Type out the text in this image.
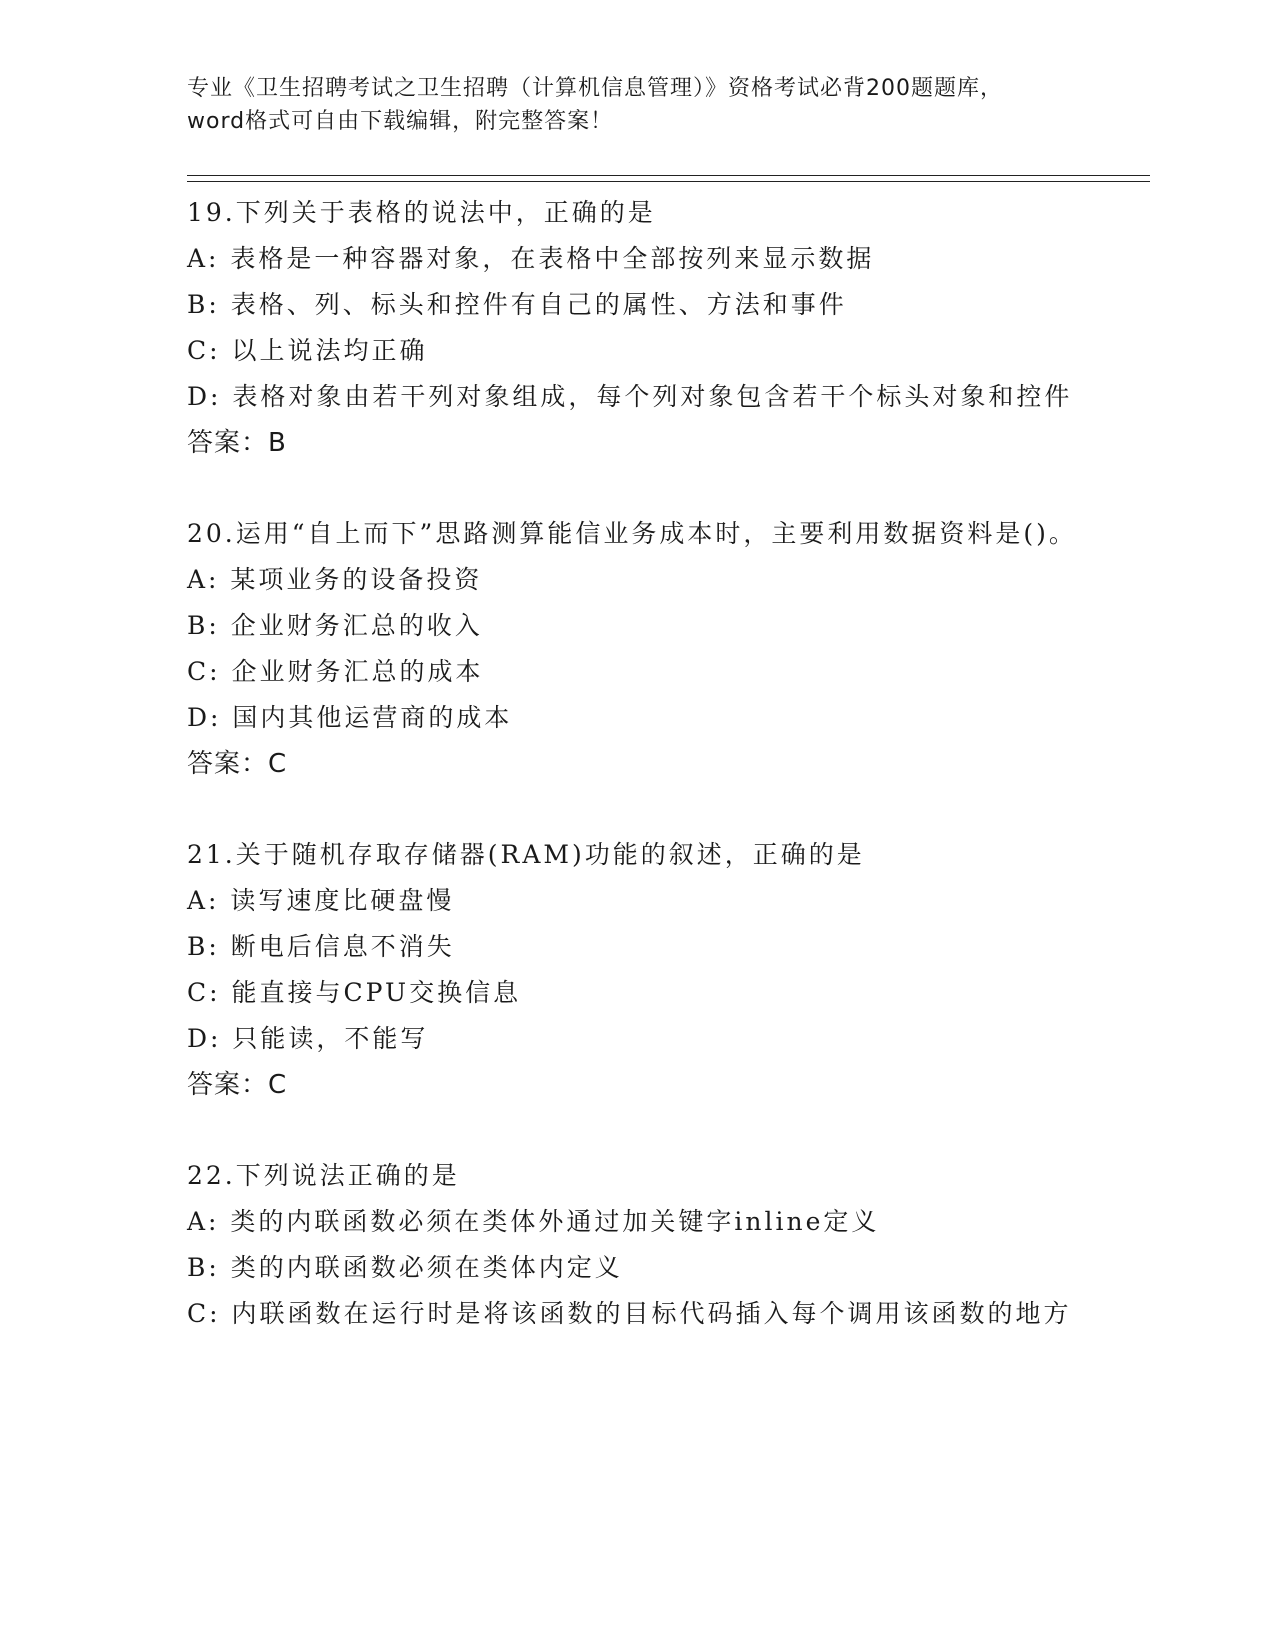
专业《卫生招聘考试之卫生招聘（计算机信息管理）》资格考试必背200题题库，
word格式可自由下载编辑，附完整答案！
19.下列关于表格的说法中，正确的是
A: 表格是一种容器对象，在表格中全部按列来显示数据
B: 表格、列、标头和控件有自己的属性、方法和事件
C: 以上说法均正确
D: 表格对象由若干列对象组成，每个列对象包含若干个标头对象和控件
答案：B
20.运用“自上而下”思路测算能信业务成本时，主要利用数据资料是()。
A: 某项业务的设备投资
B: 企业财务汇总的收入
C: 企业财务汇总的成本
D: 国内其他运营商的成本
答案：C
21.关于随机存取存储器(RAM)功能的叙述，正确的是
A: 读写速度比硬盘慢
B: 断电后信息不消失
C: 能直接与CPU交换信息
D: 只能读，不能写
答案：C
22.下列说法正确的是
A: 类的内联函数必须在类体外通过加关键字inline定义
B: 类的内联函数必须在类体内定义
C: 内联函数在运行时是将该函数的目标代码插入每个调用该函数的地方
